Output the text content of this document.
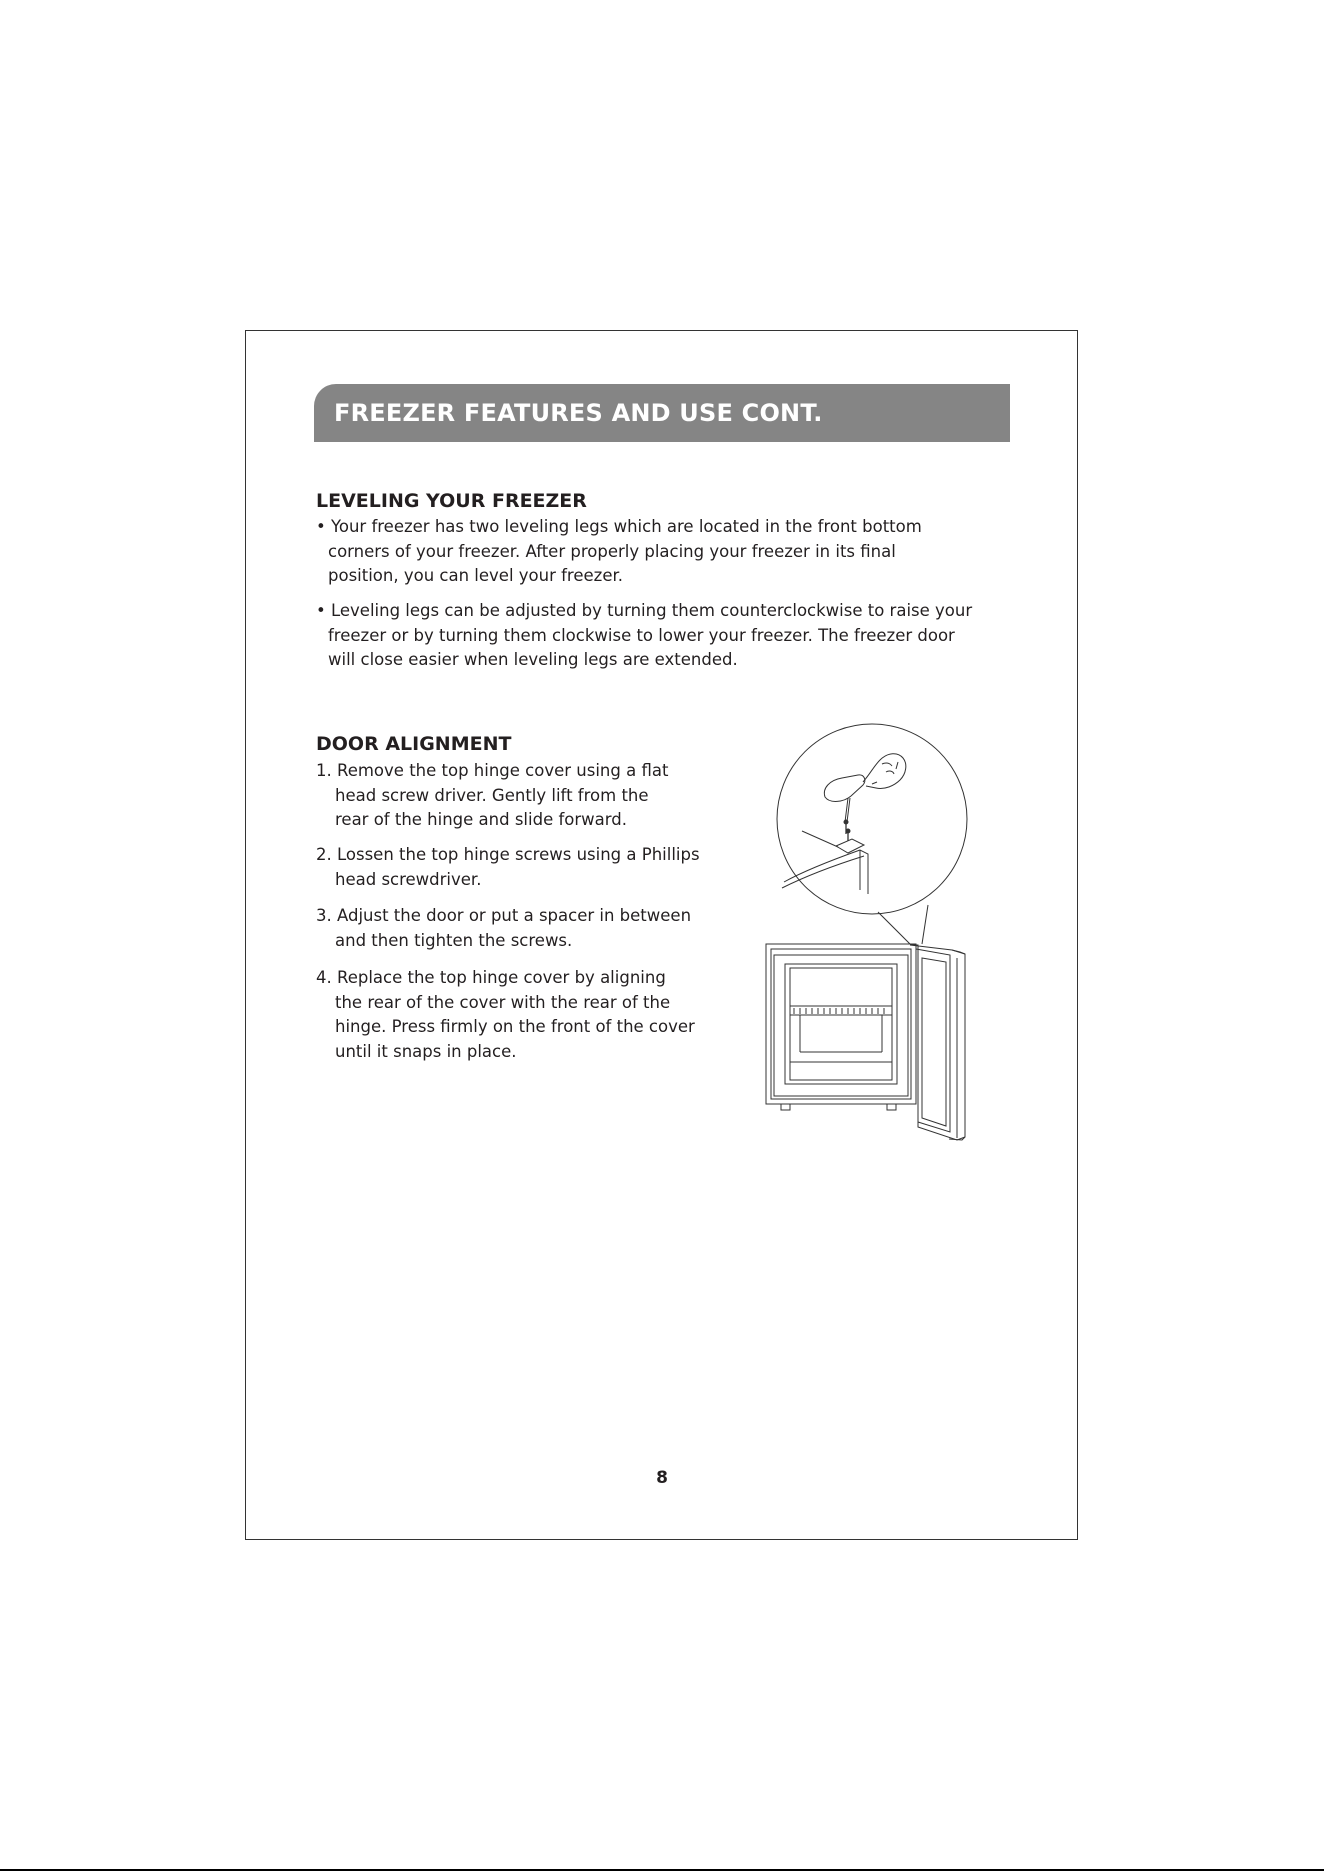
FREEZER FEATURES AND USE CONT.
LEVELING YOUR FREEZER
• Your freezer has two leveling legs which are located in the front bottom
corners of your freezer. After properly placing your freezer in its final
position, you can level your freezer.
• Leveling legs can be adjusted by turning them counterclockwise to raise your
freezer or by turning them clockwise to lower your freezer. The freezer door
will close easier when leveling legs are extended.
DOOR ALIGNMENT
1. Remove the top hinge cover using a flat
head screw driver. Gently lift from the
rear of the hinge and slide forward.
2. Lossen the top hinge screws using a Phillips
head screwdriver.
3. Adjust the door or put a spacer in between
and then tighten the screws.
4. Replace the top hinge cover by aligning
the rear of the cover with the rear of the
hinge. Press firmly on the front of the cover
until it snaps in place.
8
